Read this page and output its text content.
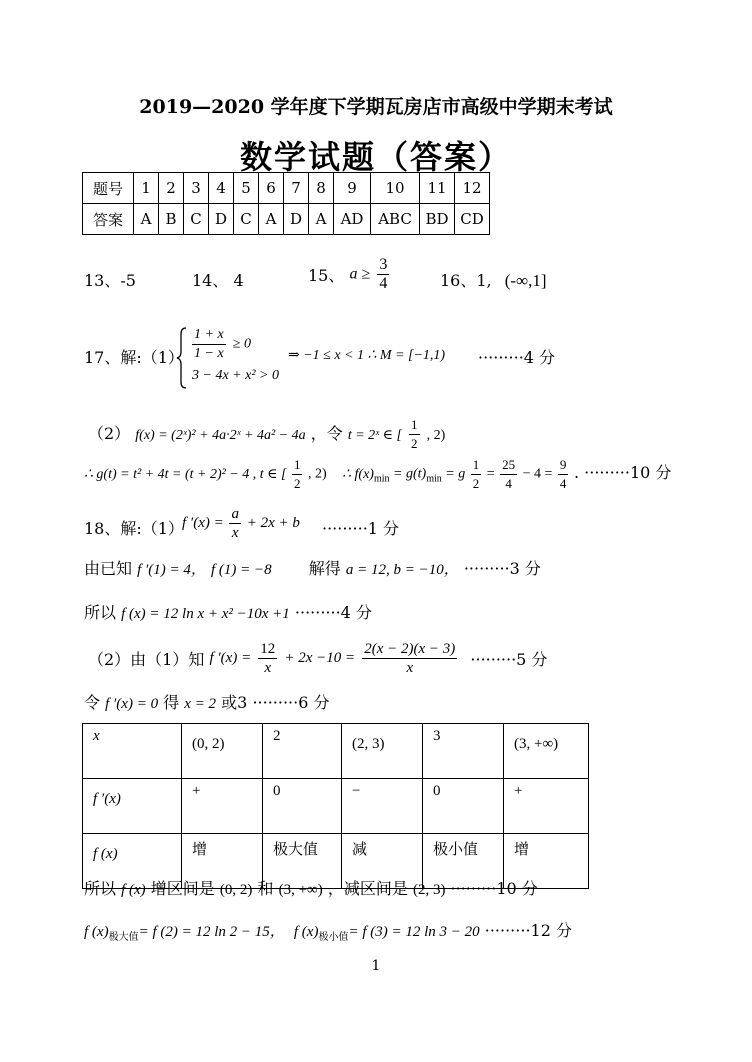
2019—2020 学年度下学期瓦房店市高级中学期末考试
数学试题（答案）
题号	1	2	3	4	5	6	7	8	9	10	11	12
答案	A	B	C	D	C	A	D	A	AD	ABC	BD	CD
13、-5	14、 4	15、 $a \ge \frac{3}{4}$	16、1, (-∞,1]
17、解:（1） $\frac{1 + x}{1 - x} \ge 0$
3 − 4x + x² > 0
⇒ −1 ≤ x < 1 ∴ M = [−1,1) ·········4 分
（2） f(x) = (2ˣ)² + 4a·2ˣ + 4a² − 4a ，令 t = 2ˣ ∈ [ $\frac{1}{2}$ , 2)
∴ g(t) = t² + 4t = (t + 2)² − 4 , t ∈ [ $\frac{1}{2}$ , 2) ∴ $f(x)_{min} = g(t)_{min} = g \frac{1}{2} = \frac{25}{4} - 4 = \frac{9}{4}$ . ·········10 分
18、解:（1）
f $'(x) = \frac{a}{x} + 2x + b \cdot\cdot\cdot\cdot\cdot\cdot\cdot\cdot\cdot 1$ 分
由已知 f ′(1) = 4， f (1) = −8 解得 a = 12, b = −10， ·········3 分
所以 f (x) = 12 ln x + x² −10x +1 ·········4 分
（2）由（1）知 f $'(x) = \frac{12}{x} + 2x -10 = \frac{2(x - 2)(x - 3)}{x} \cdot\cdot\cdot\cdot\cdot\cdot\cdot\cdot\cdot 5$ 分
令 f ′(x) = 0 得 x = 2 或3 ·········6 分
x	(0, 2)	2	(2, 3)	3	(3, +∞)
f ′(x)	+	0	−	0	+
f (x)	增	极大值	减	极小值	增
所以 f (x) 增区间是 (0, 2) 和 (3, +∞) ，减区间是 (2, 3) ·········10 分
f $(x)_{极大值}= f$ (2) = 12 ln 2 − 15， f $(x)_{极小值}= f$ (3) = 12 ln 3 − 20 ·········12 分
1
